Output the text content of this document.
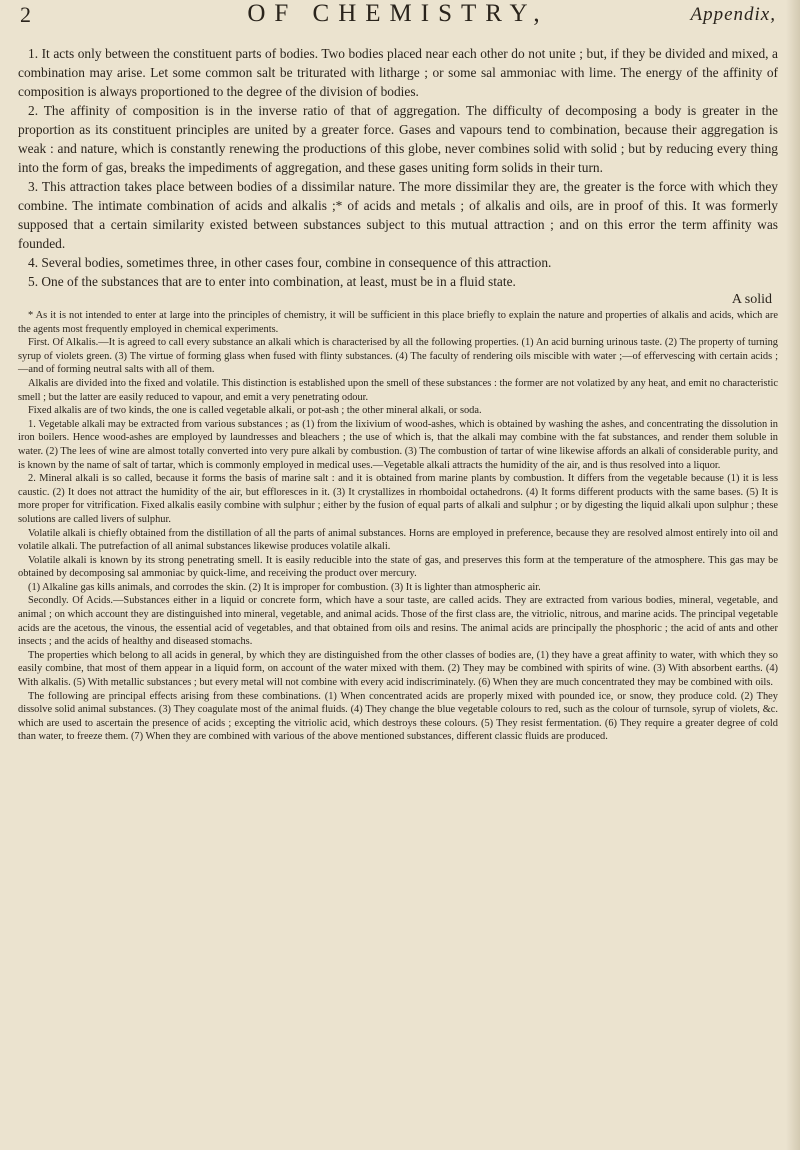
2	OF CHEMISTRY,	Appendix,

1. It acts only between the constituent parts of bodies. Two bodies placed near each other do not unite ; but, if they be divided and mixed, a combination may arise. Let some common salt be triturated with litharge ; or some sal ammoniac with lime. The energy of the affinity of composition is always proportioned to the degree of the division of bodies.

2. The affinity of composition is in the inverse ratio of that of aggregation. The difficulty of decomposing a body is greater in the proportion as its constituent principles are united by a greater force. Gases and vapours tend to combination, because their aggregation is weak : and nature, which is constantly renewing the productions of this globe, never combines solid with solid ; but by reducing every thing into the form of gas, breaks the impediments of aggregation, and these gases uniting form solids in their turn.

3. This attraction takes place between bodies of a dissimilar nature. The more dissimilar they are, the greater is the force with which they combine. The intimate combination of acids and alkalis ;* of acids and metals ; of alkalis and oils, are in proof of this. It was formerly supposed that a certain similarity existed between substances subject to this mutual attraction ; and on this error the term affinity was founded.

4. Several bodies, sometimes three, in other cases four, combine in consequence of this attraction.

5. One of the substances that are to enter into combination, at least, must be in a fluid state.

A solid

* As it is not intended to enter at large into the principles of chemistry, it will be sufficient in this place briefly to explain the nature and properties of alkalis and acids, which are the agents most frequently employed in chemical experiments.

First. Of Alkalis.—It is agreed to call every substance an alkali which is characterised by all the following properties. (1) An acid burning urinous taste. (2) The property of turning syrup of violets green. (3) The virtue of forming glass when fused with flinty substances. (4) The faculty of rendering oils miscible with water ;—of effervescing with certain acids ;—and of forming neutral salts with all of them.

Alkalis are divided into the fixed and volatile. This distinction is established upon the smell of these substances : the former are not volatized by any heat, and emit no characteristic smell ; but the latter are easily reduced to vapour, and emit a very penetrating odour.

Fixed alkalis are of two kinds, the one is called vegetable alkali, or pot-ash ; the other mineral alkali, or soda.

1. Vegetable alkali may be extracted from various substances ; as (1) from the lixivium of wood-ashes, which is obtained by washing the ashes, and concentrating the dissolution in iron boilers. Hence wood-ashes are employed by laundresses and bleachers ; the use of which is, that the alkali may combine with the fat substances, and render them soluble in water. (2) The lees of wine are almost totally converted into very pure alkali by combustion. (3) The combustion of tartar of wine likewise affords an alkali of considerable purity, and is known by the name of salt of tartar, which is commonly employed in medical uses.—Vegetable alkali attracts the humidity of the air, and is thus resolved into a liquor.

2. Mineral alkali is so called, because it forms the basis of marine salt : and it is obtained from marine plants by combustion. It differs from the vegetable because (1) it is less caustic. (2) It does not attract the humidity of the air, but effloresces in it. (3) It crystallizes in rhomboidal octahedrons. (4) It forms different products with the same bases. (5) It is more proper for vitrification. Fixed alkalis easily combine with sulphur ; either by the fusion of equal parts of alkali and sulphur ; or by digesting the liquid alkali upon sulphur ; these solutions are called livers of sulphur.

Volatile alkali is chiefly obtained from the distillation of all the parts of animal substances. Horns are employed in preference, because they are resolved almost entirely into oil and volatile alkali. The putrefaction of all animal substances likewise produces volatile alkali.

Volatile alkali is known by its strong penetrating smell. It is easily reducible into the state of gas, and preserves this form at the temperature of the atmosphere. This gas may be obtained by decomposing sal ammoniac by quick-lime, and receiving the product over mercury.

(1) Alkaline gas kills animals, and corrodes the skin. (2) It is improper for combustion. (3) It is lighter than atmospheric air.

Secondly. Of Acids.—Substances either in a liquid or concrete form, which have a sour taste, are called acids. They are extracted from various bodies, mineral, vegetable, and animal ; on which account they are distinguished into mineral, vegetable, and animal acids. Those of the first class are, the vitriolic, nitrous, and marine acids. The principal vegetable acids are the acetous, the vinous, the essential acid of vegetables, and that obtained from oils and resins. The animal acids are principally the phosphoric ; the acid of ants and other insects ; and the acids of healthy and diseased stomachs.

The properties which belong to all acids in general, by which they are distinguished from the other classes of bodies are, (1) they have a great affinity to water, with which they so easily combine, that most of them appear in a liquid form, on account of the water mixed with them. (2) They may be combined with spirits of wine. (3) With absorbent earths. (4) With alkalis. (5) With metallic substances ; but every metal will not combine with every acid indiscriminately. (6) When they are much concentrated they may be combined with oils.

The following are principal effects arising from these combinations. (1) When concentrated acids are properly mixed with pounded ice, or snow, they produce cold. (2) They dissolve solid animal substances. (3) They coagulate most of the animal fluids. (4) They change the blue vegetable colours to red, such as the colour of turnsole, syrup of violets, &c. which are used to ascertain the presence of acids ; excepting the vitriolic acid, which destroys these colours. (5) They resist fermentation. (6) They require a greater degree of cold than water, to freeze them. (7) When they are combined with various of the above mentioned substances, different classic fluids are produced.
